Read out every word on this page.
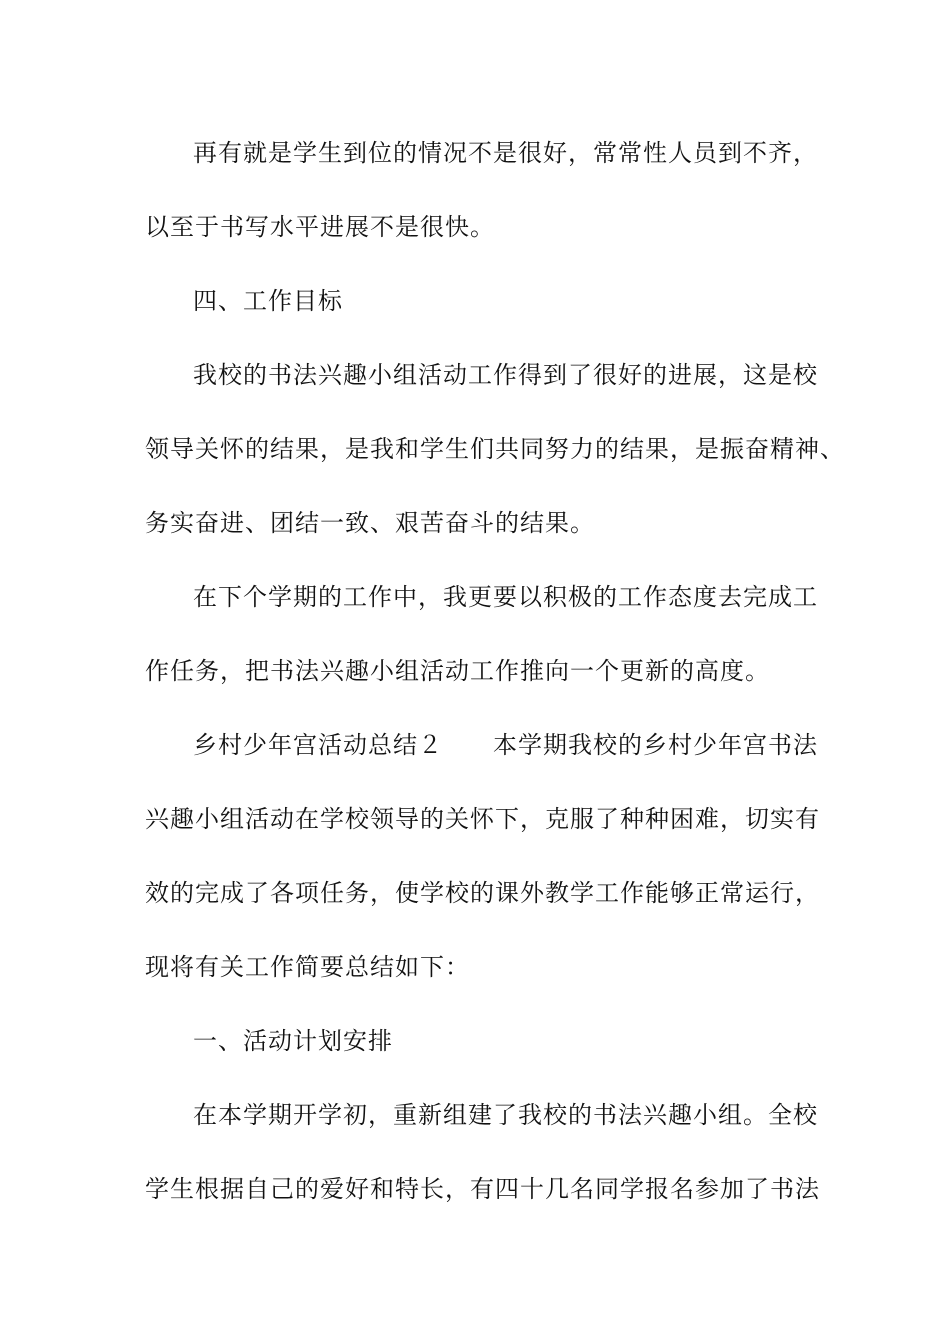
再有就是学生到位的情况不是很好，常常性人员到不齐，
以至于书写水平进展不是很快。
四、工作目标
我校的书法兴趣小组活动工作得到了很好的进展，这是校
领导关怀的结果，是我和学生们共同努力的结果，是振奋精神、
务实奋进、团结一致、艰苦奋斗的结果。
在下个学期的工作中，我更要以积极的工作态度去完成工
作任务，把书法兴趣小组活动工作推向一个更新的高度。
乡村少年宫活动总结２　　本学期我校的乡村少年宫书法
兴趣小组活动在学校领导的关怀下，克服了种种困难，切实有
效的完成了各项任务，使学校的课外教学工作能够正常运行，
现将有关工作简要总结如下：
一、活动计划安排
在本学期开学初，重新组建了我校的书法兴趣小组。全校
学生根据自己的爱好和特长，有四十几名同学报名参加了书法
